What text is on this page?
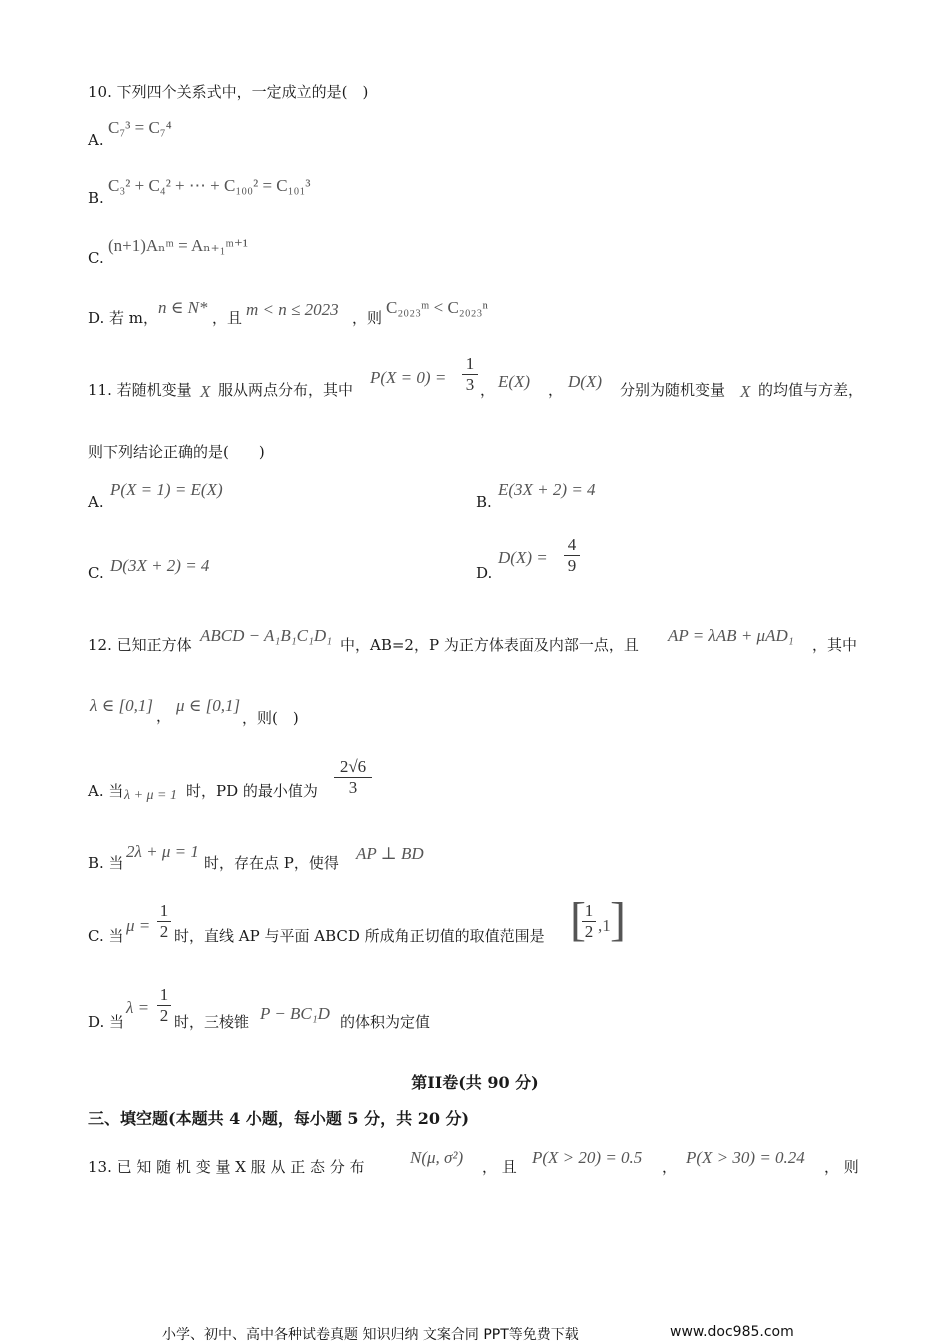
10. 下列四个关系式中，一定成立的是(　)
A.
C₇³ = C₇⁴
B.
C₃² + C₄² + ⋯ + C₁₀₀² = C₁₀₁³
C.
(n+1)Aₙᵐ = Aₙ₊₁ᵐ⁺¹
D. 若 m，
n ∈ N*
，且 m < n ≤ 2023 ，则
C₂₀₂₃ᵐ < C₂₀₂₃ⁿ
11. 若随机变量 X 服从两点分布，其中
P(X = 0) =
1
3 ， E(X) ， D(X) 分别为随机变量 X 的均值与方差，
则下列结论正确的是(　　)
A.
P(X = 1) = E(X)
B.
E(3X + 2) = 4
C. D(3X + 2) = 4	D.
D(X) =
4
9
12. 已知正方体 ABCD − A₁B₁C₁D₁ 中，AB=2，P 为正方体表面及内部一点，且 AP = λAB + μAD₁ ，其中
λ ∈ [0,1]
，
μ ∈ [0,1]
，则(　)
A. 当 λ + μ = 1 时，PD 的最小值为
2√6
3
B. 当
2λ + μ = 1
时，存在点 P，使得 AP ⊥ BD
C. 当
μ =
1
2 时，直线 AP 与平面 ABCD 所成角正切值的取值范围是 [
1
2 ,1 ]
D. 当
λ =
1
2 时，三棱锥 P − BC₁D 的体积为定值
第II卷(共 90 分)
三、填空题(本题共 4 小题，每小题 5 分，共 20 分)
13. 已 知 随 机 变 量 X 服 从 正 态 分 布	N(μ, σ²) ， 且 P(X > 20) = 0.5 ， P(X > 30) = 0.24 ， 则
小学、初中、高中各种试卷真题 知识归纳 文案合同 PPT等免费下载	www.doc985.com
